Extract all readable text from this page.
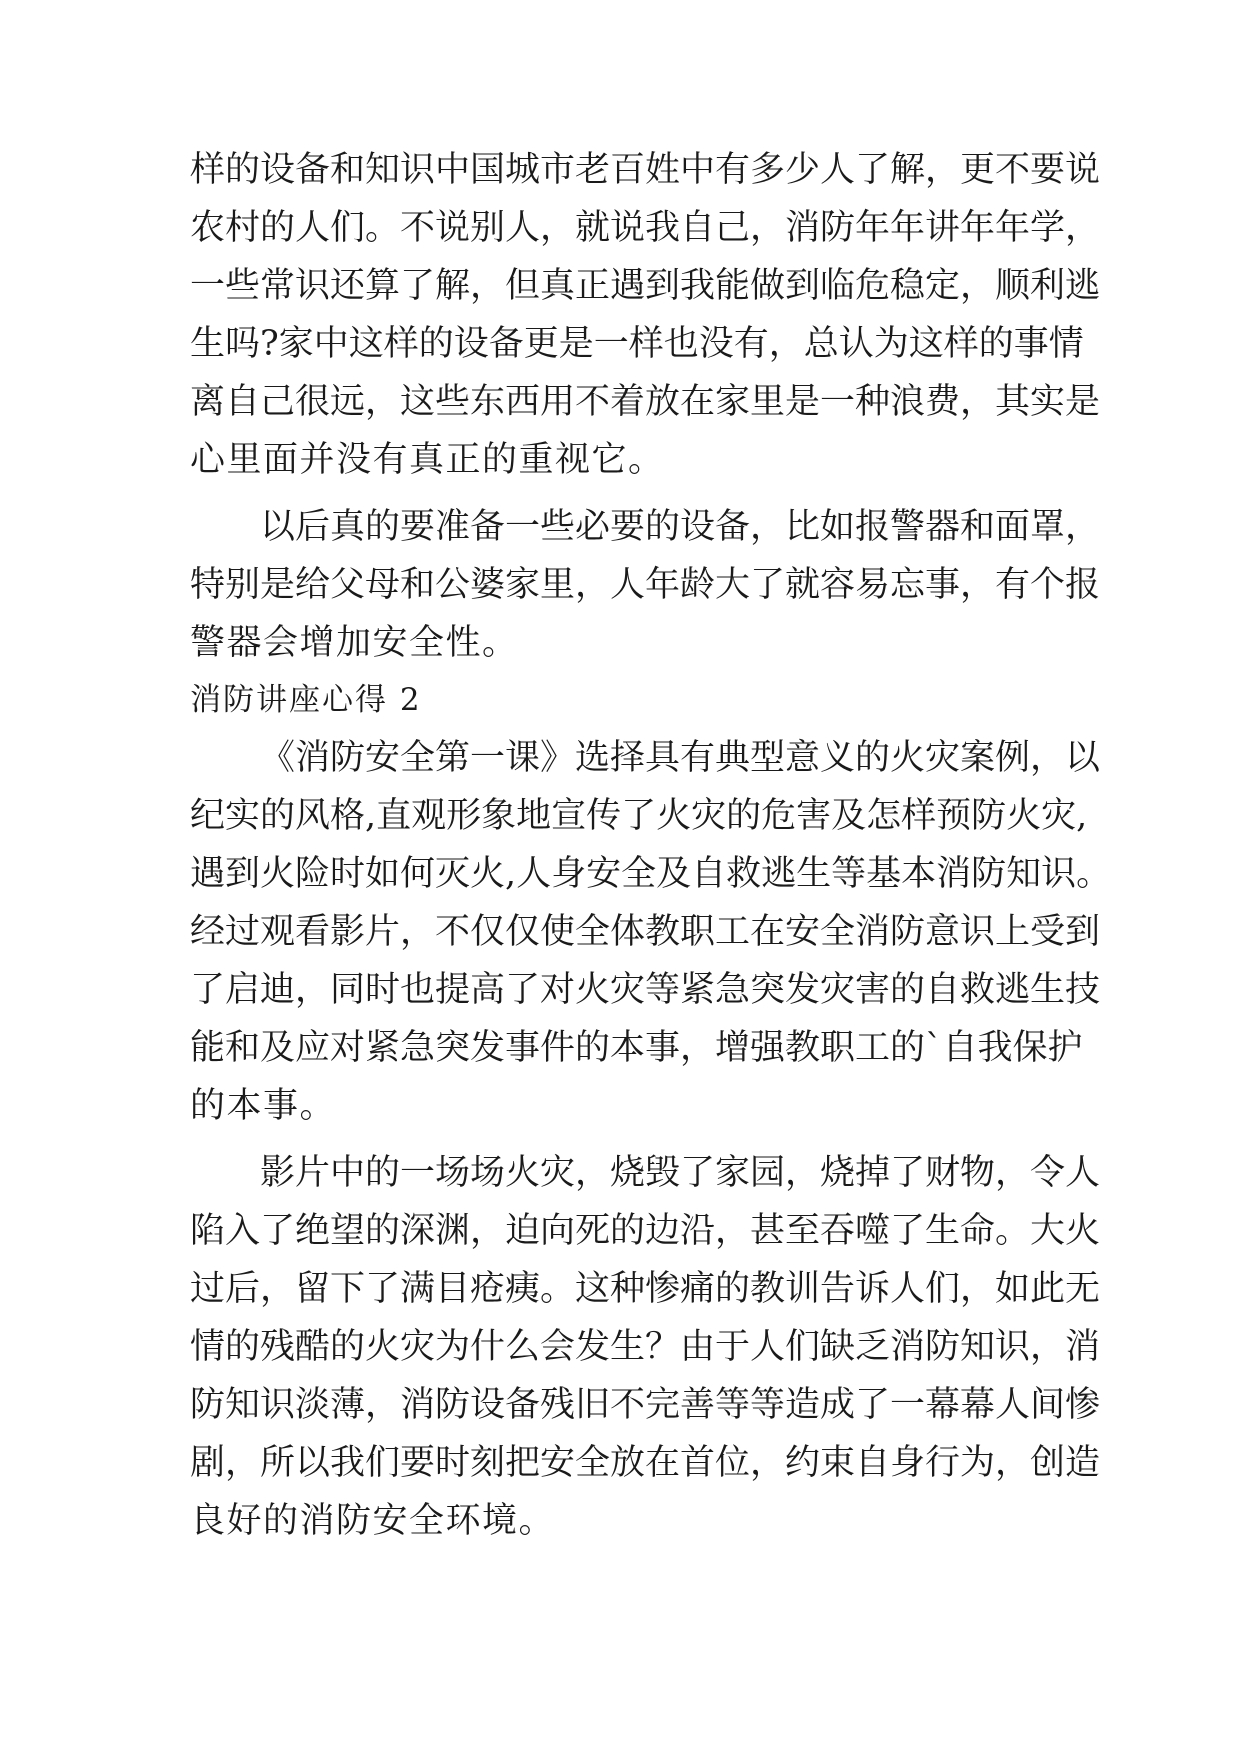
样的设备和知识中国城市老百姓中有多少人了解，更不要说

农村的人们。不说别人，就说我自己，消防年年讲年年学，

一些常识还算了解，但真正遇到我能做到临危稳定，顺利逃

生吗?家中这样的设备更是一样也没有，总认为这样的事情

离自己很远，这些东西用不着放在家里是一种浪费，其实是

心里面并没有真正的重视它。

以后真的要准备一些必要的设备，比如报警器和面罩，

特别是给父母和公婆家里，人年龄大了就容易忘事，有个报

警器会增加安全性。

消防讲座心得 2

《消防安全第一课》选择具有典型意义的火灾案例，以

纪实的风格,直观形象地宣传了火灾的危害及怎样预防火灾,

遇到火险时如何灭火,人身安全及自救逃生等基本消防知识。

经过观看影片，不仅仅使全体教职工在安全消防意识上受到

了启迪，同时也提高了对火灾等紧急突发灾害的自救逃生技

能和及应对紧急突发事件的本事，增强教职工的`自我保护

的本事。

影片中的一场场火灾，烧毁了家园，烧掉了财物，令人

陷入了绝望的深渊，迫向死的边沿，甚至吞噬了生命。大火

过后，留下了满目疮痍。这种惨痛的教训告诉人们，如此无

情的残酷的火灾为什么会发生？由于人们缺乏消防知识，消

防知识淡薄，消防设备残旧不完善等等造成了一幕幕人间惨

剧，所以我们要时刻把安全放在首位，约束自身行为，创造

良好的消防安全环境。
